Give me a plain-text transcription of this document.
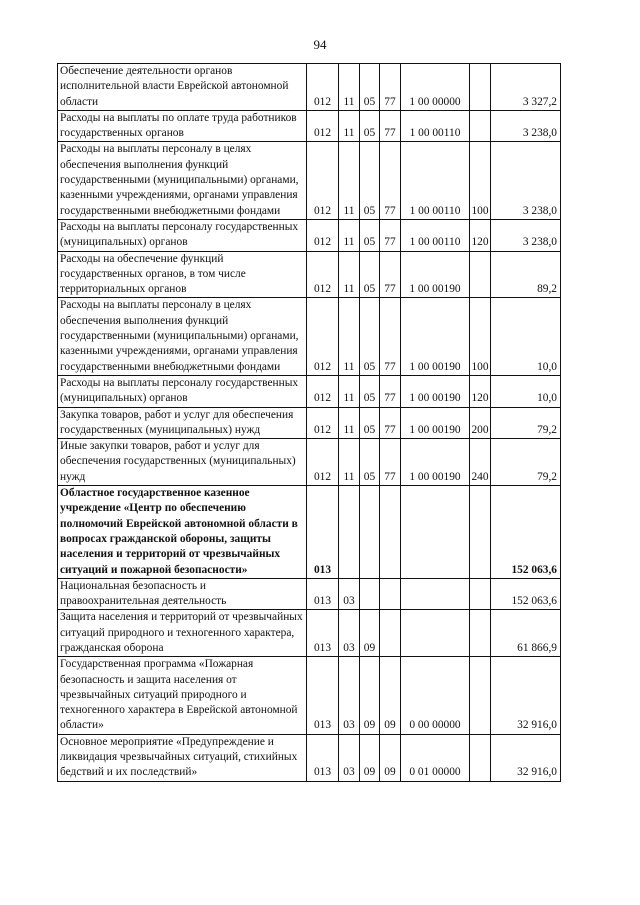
94
Обеспечение деятельности органов исполнительной власти Еврейской автономной области	012	11	05	77	1 00 00000		3 327,2
Расходы на выплаты по оплате труда работников государственных органов	012	11	05	77	1 00 00110		3 238,0
Расходы на выплаты персоналу в целях обеспечения выполнения функций государственными (муниципальными) органами, казенными учреждениями, органами управления государственными внебюджетными фондами	012	11	05	77	1 00 00110	100	3 238,0
Расходы на выплаты персоналу государственных (муниципальных) органов	012	11	05	77	1 00 00110	120	3 238,0
Расходы на обеспечение функций государственных органов, в том числе территориальных органов	012	11	05	77	1 00 00190		89,2
Расходы на выплаты персоналу в целях обеспечения выполнения функций государственными (муниципальными) органами, казенными учреждениями, органами управления государственными внебюджетными фондами	012	11	05	77	1 00 00190	100	10,0
Расходы на выплаты персоналу государственных (муниципальных) органов	012	11	05	77	1 00 00190	120	10,0
Закупка товаров, работ и услуг для обеспечения государственных (муниципальных) нужд	012	11	05	77	1 00 00190	200	79,2
Иные закупки товаров, работ и услуг для обеспечения государственных (муниципальных) нужд	012	11	05	77	1 00 00190	240	79,2
Областное государственное казенное учреждение «Центр по обеспечению полномочий Еврейской автономной области в вопросах гражданской обороны, защиты населения и территорий от чрезвычайных ситуаций и пожарной безопасности»	013						152 063,6
Национальная безопасность и правоохранительная деятельность	013	03					152 063,6
Защита населения и территорий от чрезвычайных ситуаций природного и техногенного характера, гражданская оборона	013	03	09				61 866,9
Государственная программа «Пожарная безопасность и защита населения от чрезвычайных ситуаций природного и техногенного характера в Еврейской автономной области»	013	03	09	09	0 00 00000		32 916,0
Основное мероприятие «Предупреждение и ликвидация чрезвычайных ситуаций, стихийных бедствий и их последствий»	013	03	09	09	0 01 00000		32 916,0
